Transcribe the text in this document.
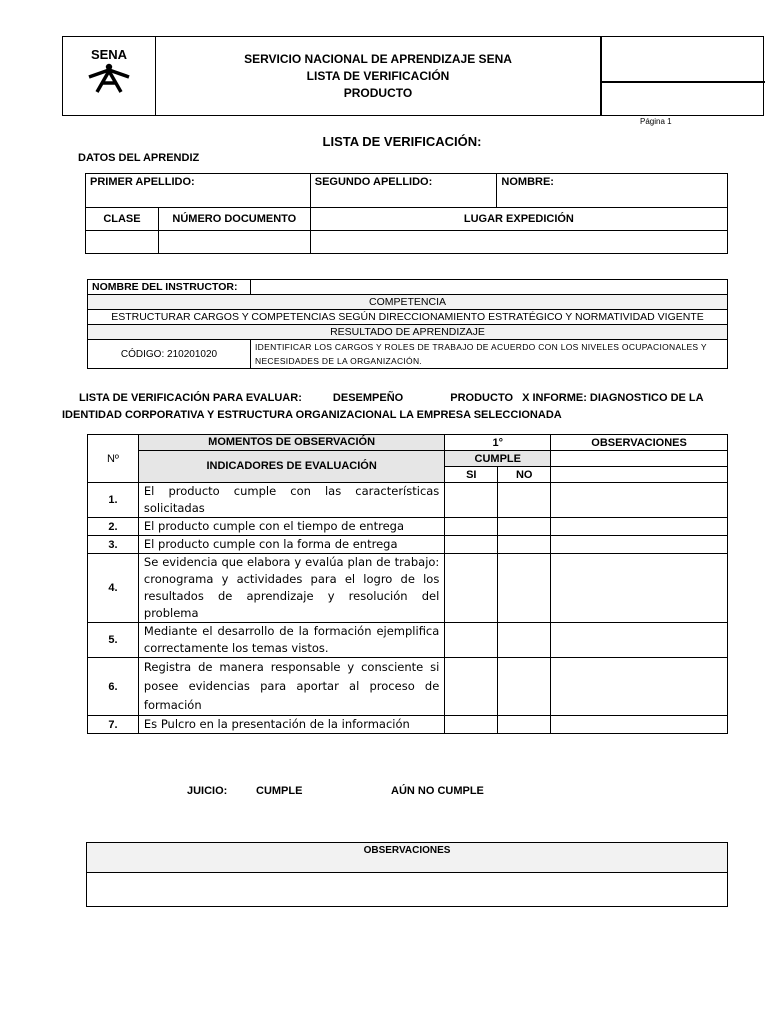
SENA	SERVICIO NACIONAL DE APRENDIZAJE SENA
LISTA DE VERIFICACIÓN
PRODUCTO
Página 1
LISTA DE VERIFICACIÓN:
DATOS DEL APRENDIZ
PRIMER APELLIDO:		SEGUNDO APELLIDO:	NOMBRE:
CLASE	NÚMERO DOCUMENTO	LUGAR EXPEDICIÓN	

NOMBRE DEL INSTRUCTOR:	
COMPETENCIA	
ESTRUCTURAR CARGOS Y COMPETENCIAS SEGÚN DIRECCIONAMIENTO ESTRATÉGICO Y NORMATIVIDAD VIGENTE	
RESULTADO DE APRENDIZAJE	
CÓDIGO: 210201020	IDENTIFICAR LOS CARGOS Y ROLES DE TRABAJO DE ACUERDO CON LOS NIVELES OCUPACIONALES Y NECESIDADES DE LA ORGANIZACIÓN.
LISTA DE VERIFICACIÓN PARA EVALUAR:	DESEMPEÑO	PRODUCTO X INFORME: DIAGNOSTICO DE LA
IDENTIDAD CORPORATIVA Y ESTRUCTURA ORGANIZACIONAL LA EMPRESA SELECCIONADA
Nº	MOMENTOS DE OBSERVACIÓN	1°		OBSERVACIONES
	INDICADORES DE EVALUACIÓN	CUMPLE		
		SI	NO	
1.	El producto cumple con las características solicitadas			
2.	El producto cumple con el tiempo de entrega			
3.	El producto cumple con la forma de entrega			
4.	Se evidencia que elabora y evalúa plan de trabajo: cronograma y actividades para el logro de los resultados de aprendizaje y resolución del problema			
5.	Mediante el desarrollo de la formación ejemplifica correctamente los temas vistos.			
6.	Registra de manera responsable y consciente si posee evidencias para aportar al proceso de formación			
7.	Es Pulcro en la presentación de la información			
JUICIO:	CUMPLE	AÚN NO CUMPLE
OBSERVACIONES
